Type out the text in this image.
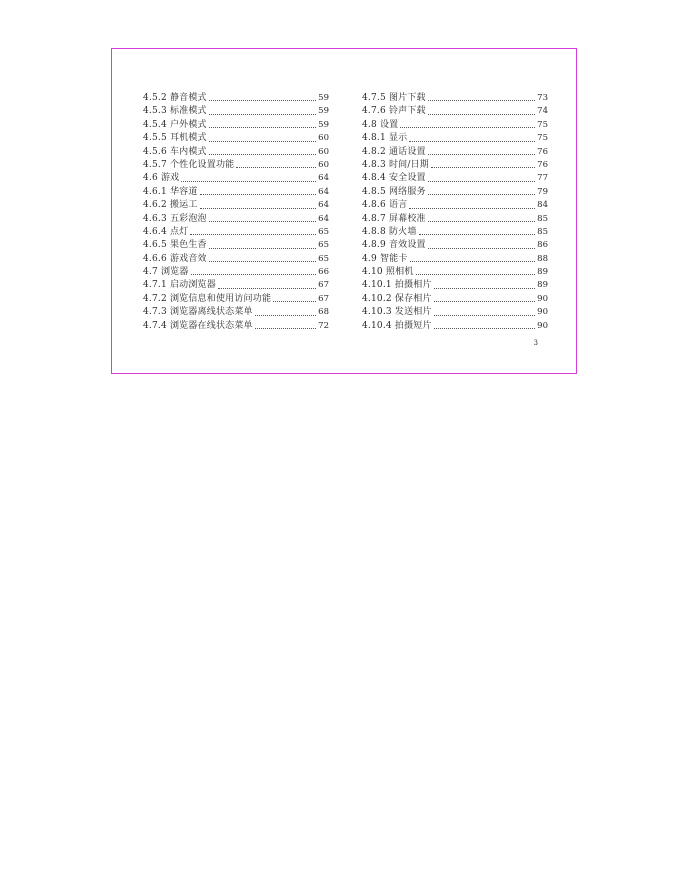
4.5.2 静音模式	59
4.5.3 标准模式	59
4.5.4 户外模式	59
4.5.5 耳机模式	60
4.5.6 车内模式	60
4.5.7 个性化设置功能	60
4.6 游戏	64
4.6.1 华容道	64
4.6.2 搬运工	64
4.6.3 五彩泡泡	64
4.6.4 点灯	65
4.6.5 果色生香	65
4.6.6 游戏音效	65
4.7 浏览器	66
4.7.1 启动浏览器	67
4.7.2 浏览信息和使用访问功能	67
4.7.3 浏览器离线状态菜单	68
4.7.4 浏览器在线状态菜单	72
4.7.5 图片下载	73
4.7.6 铃声下载	74
4.8 设置	75
4.8.1 显示	75
4.8.2 通话设置	76
4.8.3 时间/日期	76
4.8.4 安全设置	77
4.8.5 网络服务	79
4.8.6 语言	84
4.8.7 屏幕校准	85
4.8.8 防火墙	85
4.8.9 音效设置	86
4.9 智能卡	88
4.10 照相机	89
4.10.1 拍摄相片	89
4.10.2 保存相片	90
4.10.3 发送相片	90
4.10.4 拍摄短片	90
3
